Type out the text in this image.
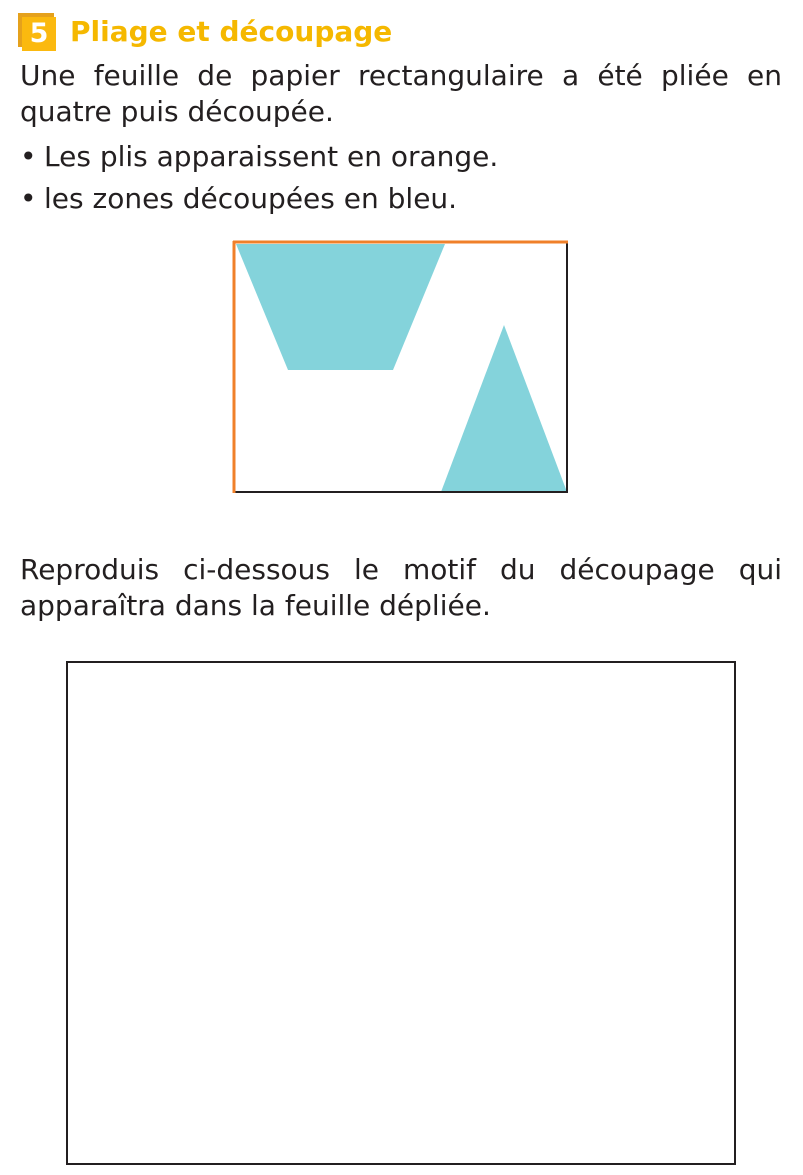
5 Pliage et découpage

Une feuille de papier rectangulaire a été pliée en quatre puis découpée.

• Les plis apparaissent en orange.
• les zones découpées en bleu.

Reproduis ci-dessous le motif du découpage qui apparaîtra dans la feuille dépliée.
